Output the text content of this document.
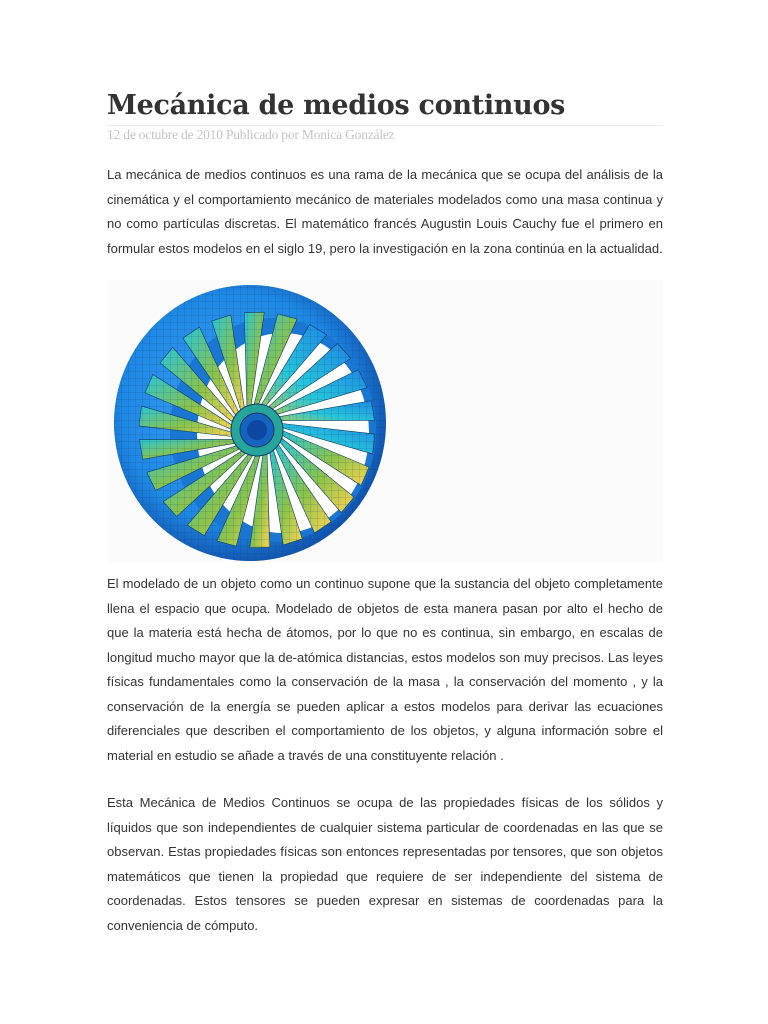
Mecánica de medios continuos
12 de octubre de 2010 Publicado por Monica González

La mecánica de medios continuos es una rama de la mecánica que se ocupa del análisis de la cinemática y el comportamiento mecánico de materiales modelados como una masa continua y no como partículas discretas. El matemático francés Augustin Louis Cauchy fue el primero en formular estos modelos en el siglo 19, pero la investigación en la zona continúa en la actualidad.

El modelado de un objeto como un continuo supone que la sustancia del objeto completamente llena el espacio que ocupa. Modelado de objetos de esta manera pasan por alto el hecho de que la materia está hecha de átomos, por lo que no es continua, sin embargo, en escalas de longitud mucho mayor que la de-atómica distancias, estos modelos son muy precisos. Las leyes físicas fundamentales como la conservación de la masa , la conservación del momento , y la conservación de la energía se pueden aplicar a estos modelos para derivar las ecuaciones diferenciales que describen el comportamiento de los objetos, y alguna información sobre el material en estudio se añade a través de una constituyente relación .

Esta Mecánica de Medios Continuos se ocupa de las propiedades físicas de los sólidos y líquidos que son independientes de cualquier sistema particular de coordenadas en las que se observan. Estas propiedades físicas son entonces representadas por tensores, que son objetos matemáticos que tienen la propiedad que requiere de ser independiente del sistema de coordenadas. Estos tensores se pueden expresar en sistemas de coordenadas para la conveniencia de cómputo.
